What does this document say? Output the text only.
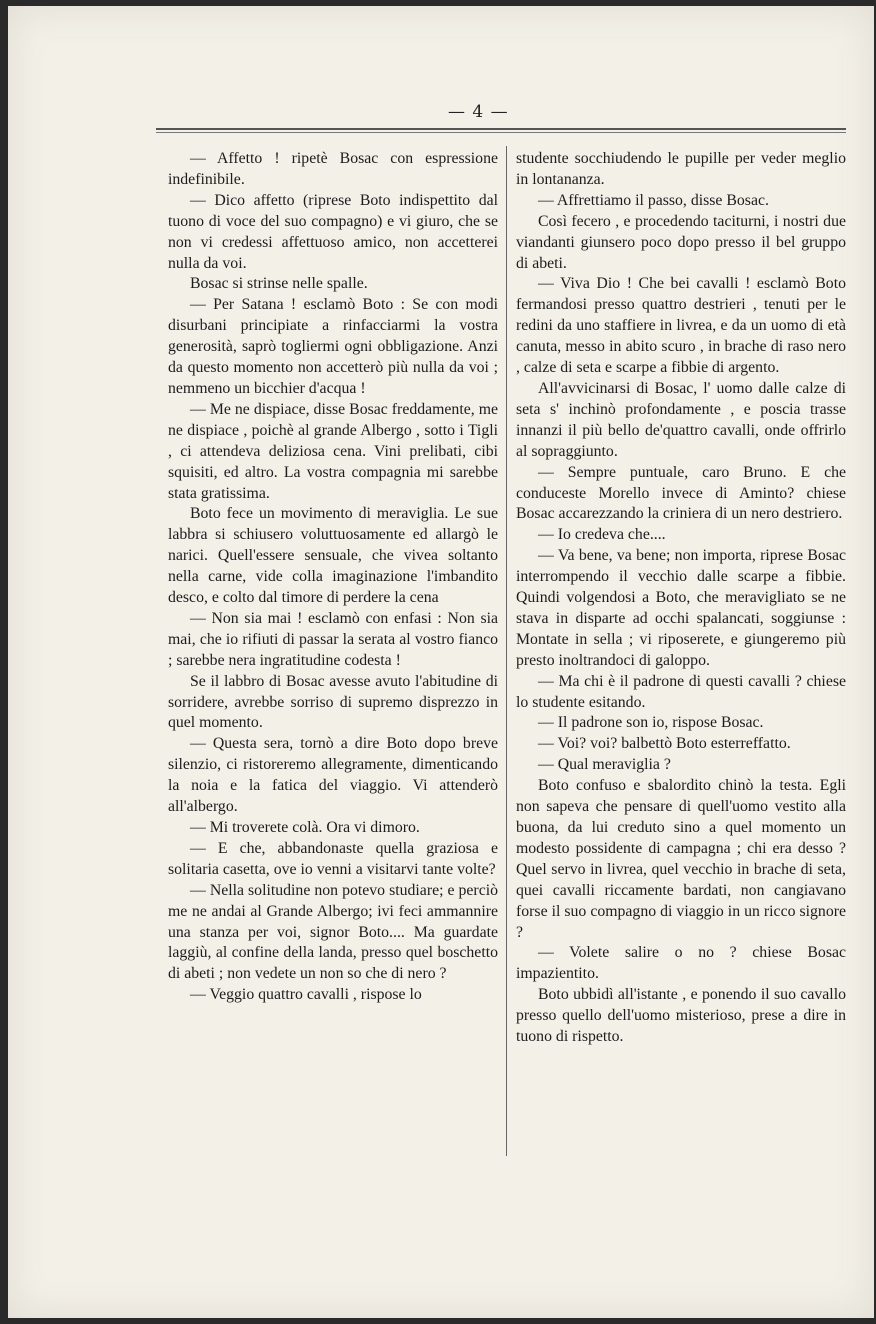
— 4 —

— Affetto ! ripetè Bosac con espressione indefinibile.

— Dico affetto (riprese Boto indispettito dal tuono di voce del suo compagno) e vi giuro, che se non vi credessi affettuoso amico, non accetterei nulla da voi.

Bosac si strinse nelle spalle.

— Per Satana ! esclamò Boto : Se con modi disurbani principiate a rinfacciarmi la vostra generosità, saprò togliermi ogni obbligazione. Anzi da questo momento non accetterò più nulla da voi ; nemmeno un bicchier d'acqua !

— Me ne dispiace, disse Bosac freddamente, me ne dispiace , poichè al grande Albergo , sotto i Tigli , ci attendeva deliziosa cena. Vini prelibati, cibi squisiti, ed altro. La vostra compagnia mi sarebbe stata gratissima.

Boto fece un movimento di meraviglia. Le sue labbra si schiusero voluttuosamente ed allargò le narici. Quell'essere sensuale, che vivea soltanto nella carne, vide colla imaginazione l'imbandito desco, e colto dal timore di perdere la cena

— Non sia mai ! esclamò con enfasi : Non sia mai, che io rifiuti di passar la serata al vostro fianco ; sarebbe nera ingratitudine codesta !

Se il labbro di Bosac avesse avuto l'abitudine di sorridere, avrebbe sorriso di supremo disprezzo in quel momento.

— Questa sera, tornò a dire Boto dopo breve silenzio, ci ristoreremo allegramente, dimenticando la noia e la fatica del viaggio. Vi attenderò all'albergo.

— Mi troverete colà. Ora vi dimoro.

— E che, abbandonaste quella graziosa e solitaria casetta, ove io venni a visitarvi tante volte?

— Nella solitudine non potevo studiare; e perciò me ne andai al Grande Albergo; ivi feci ammannire una stanza per voi, signor Boto.... Ma guardate laggiù, al confine della landa, presso quel boschetto di abeti ; non vedete un non so che di nero ?

— Veggio quattro cavalli , rispose lo

studente socchiudendo le pupille per veder meglio in lontananza.

— Affrettiamo il passo, disse Bosac.

Così fecero , e procedendo taciturni, i nostri due viandanti giunsero poco dopo presso il bel gruppo di abeti.

— Viva Dio ! Che bei cavalli ! esclamò Boto fermandosi presso quattro destrieri , tenuti per le redini da uno staffiere in livrea, e da un uomo di età canuta, messo in abito scuro , in brache di raso nero , calze di seta e scarpe a fibbie di argento.

All'avvicinarsi di Bosac, l' uomo dalle calze di seta s' inchinò profondamente , e poscia trasse innanzi il più bello de'quattro cavalli, onde offrirlo al sopraggiunto.

— Sempre puntuale, caro Bruno. E che conduceste Morello invece di Aminto? chiese Bosac accarezzando la criniera di un nero destriero.

— Io credeva che....

— Va bene, va bene; non importa, riprese Bosac interrompendo il vecchio dalle scarpe a fibbie. Quindi volgendosi a Boto, che meravigliato se ne stava in disparte ad occhi spalancati, soggiunse : Montate in sella ; vi riposerete, e giungeremo più presto inoltrandoci di galoppo.

— Ma chi è il padrone di questi cavalli ? chiese lo studente esitando.

— Il padrone son io, rispose Bosac.

— Voi? voi? balbettò Boto esterreffatto.

— Qual meraviglia ?

Boto confuso e sbalordito chinò la testa. Egli non sapeva che pensare di quell'uomo vestito alla buona, da lui creduto sino a quel momento un modesto possidente di campagna ; chi era desso ? Quel servo in livrea, quel vecchio in brache di seta, quei cavalli riccamente bardati, non cangiavano forse il suo compagno di viaggio in un ricco signore ?

— Volete salire o no ? chiese Bosac impazientito.

Boto ubbidì all'istante , e ponendo il suo cavallo presso quello dell'uomo misterioso, prese a dire in tuono di rispetto.
